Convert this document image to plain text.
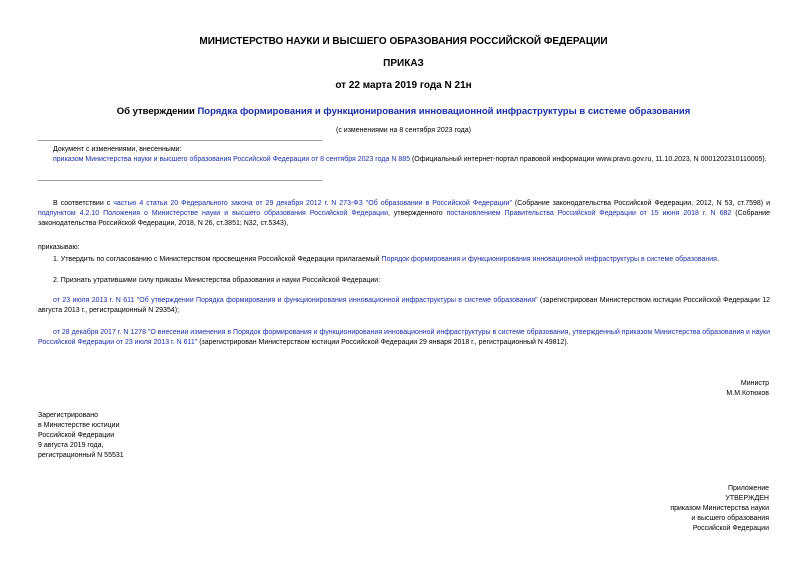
МИНИСТЕРСТВО НАУКИ И ВЫСШЕГО ОБРАЗОВАНИЯ РОССИЙСКОЙ ФЕДЕРАЦИИ
ПРИКАЗ
от 22 марта 2019 года N 21н
Об утверждении Порядка формирования и функционирования инновационной инфраструктуры в системе образования
(с изменениями на 8 сентября 2023 года)

Документ с изменениями, внесенными:

приказом Министерства науки и высшего образования Российской Федерации от 8 сентября 2023 года N 885 (Официальный интернет-портал правовой информации www.pravo.gov.ru, 11.10.2023, N 0001202310110005).

В соответствии с частью 4 статьи 20 Федерального закона от 29 декабря 2012 г. N 273-ФЗ "Об образовании в Российской Федерации" (Собрание законодательства Российской Федерации, 2012, N 53, ст.7598) и подпунктом 4.2.10 Положения о Министерстве науки и высшего образования Российской Федерации, утвержденного постановлением Правительства Российской Федерации от 15 июня 2018 г. N 682 (Собрание законодательства Российской Федерации, 2018, N 26, ст.3851; N32, ст.5343),

приказываю:

1. Утвердить по согласованию с Министерством просвещения Российской Федерации прилагаемый Порядок формирования и функционирования инновационной инфраструктуры в системе образования.

2. Признать утратившими силу приказы Министерства образования и науки Российской Федерации:

от 23 июля 2013 г. N 611 "Об утверждении Порядка формирования и функционирования инновационной инфраструктуры в системе образования" (зарегистрирован Министерством юстиции Российской Федерации 12 августа 2013 г., регистрационный N 29354);

от 28 декабря 2017 г. N 1278 "О внесении изменения в Порядок формирования и функционирования инновационной инфраструктуры в системе образования, утвержденный приказом Министерства образования и науки Российской Федерации от 23 июля 2013 г. N 611" (зарегистрирован Министерством юстиции Российской Федерации 29 января 2018 г., регистрационный N 49812).

Министр
М.М.Котюков
Зарегистрировано
в Министерстве юстиции
Российской Федерации
9 августа 2019 года,
регистрационный N 55531
Приложение
УТВЕРЖДЕН
приказом Министерства науки
и высшего образования
Российской Федерации
